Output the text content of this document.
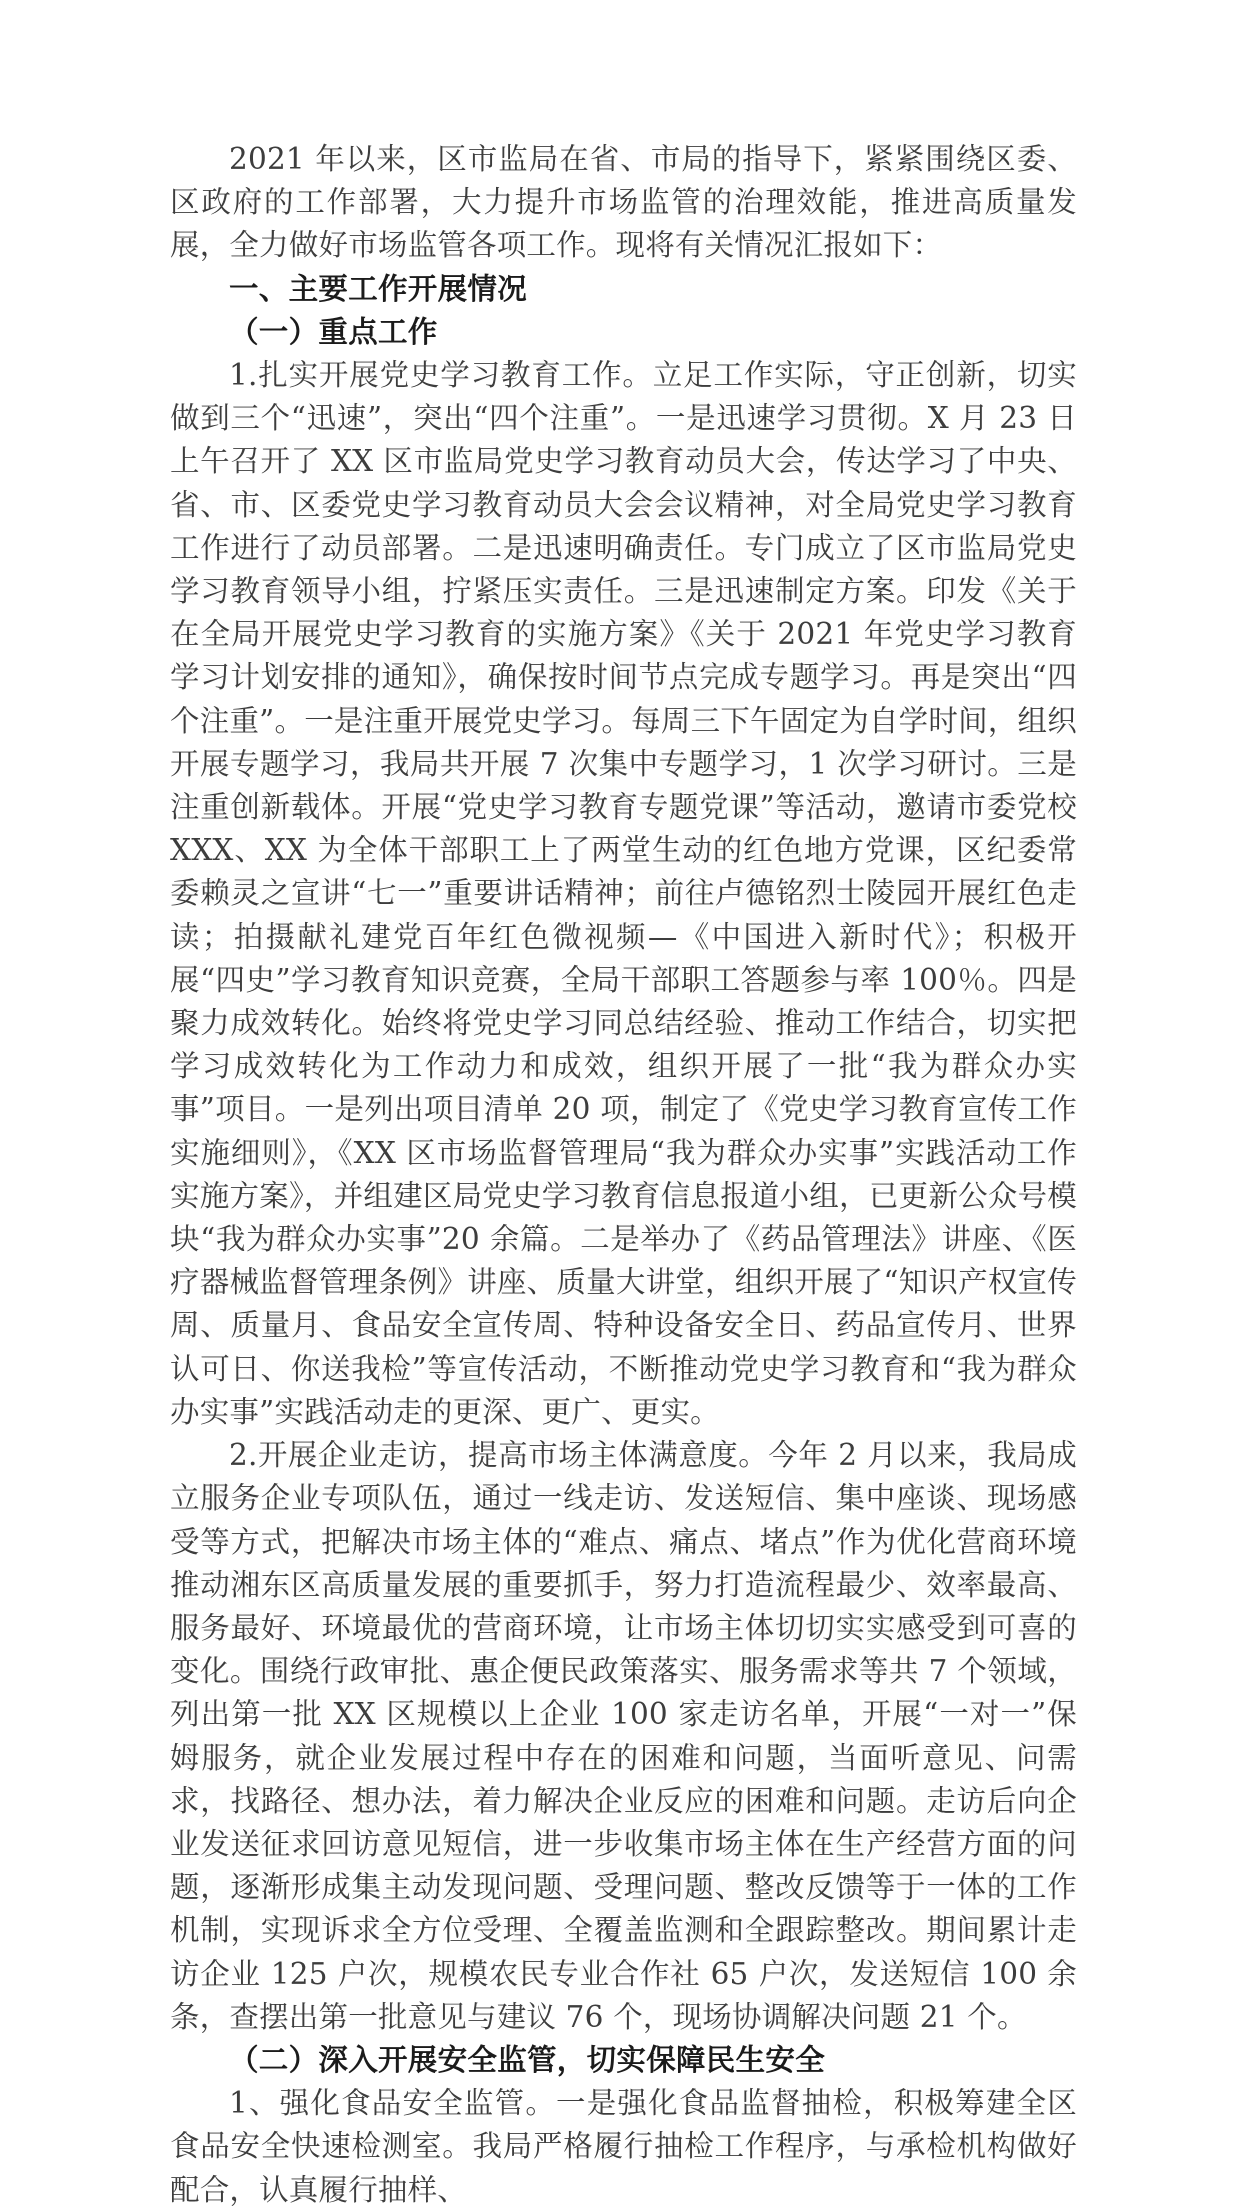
2021 年以来，区市监局在省、市局的指导下，紧紧围绕区委、区政府的工作部署，大力提升市场监管的治理效能，推进高质量发展，全力做好市场监管各项工作。现将有关情况汇报如下：

一、主要工作开展情况

（一）重点工作

1.扎实开展党史学习教育工作。立足工作实际，守正创新，切实做到三个“迅速”，突出“四个注重”。一是迅速学习贯彻。X 月 23 日上午召开了 XX 区市监局党史学习教育动员大会，传达学习了中央、省、市、区委党史学习教育动员大会会议精神，对全局党史学习教育工作进行了动员部署。二是迅速明确责任。专门成立了区市监局党史学习教育领导小组，拧紧压实责任。三是迅速制定方案。印发《关于在全局开展党史学习教育的实施方案》《关于 2021 年党史学习教育学习计划安排的通知》，确保按时间节点完成专题学习。再是突出“四个注重”。一是注重开展党史学习。每周三下午固定为自学时间，组织开展专题学习，我局共开展 7 次集中专题学习，1 次学习研讨。三是注重创新载体。开展“党史学习教育专题党课”等活动，邀请市委党校 XXX、XX 为全体干部职工上了两堂生动的红色地方党课，区纪委常委赖灵之宣讲“七一”重要讲话精神；前往卢德铭烈士陵园开展红色走读；拍摄献礼建党百年红色微视频—《中国进入新时代》；积极开展“四史”学习教育知识竞赛，全局干部职工答题参与率 100％。四是聚力成效转化。始终将党史学习同总结经验、推动工作结合，切实把学习成效转化为工作动力和成效，组织开展了一批“我为群众办实事”项目。一是列出项目清单 20 项，制定了《党史学习教育宣传工作实施细则》，《XX 区市场监督管理局“我为群众办实事”实践活动工作实施方案》，并组建区局党史学习教育信息报道小组，已更新公众号模块“我为群众办实事”20 余篇。二是举办了《药品管理法》讲座、《医疗器械监督管理条例》讲座、质量大讲堂，组织开展了“知识产权宣传周、质量月、食品安全宣传周、特种设备安全日、药品宣传月、世界认可日、你送我检”等宣传活动，不断推动党史学习教育和“我为群众办实事”实践活动走的更深、更广、更实。

2.开展企业走访，提高市场主体满意度。今年 2 月以来，我局成立服务企业专项队伍，通过一线走访、发送短信、集中座谈、现场感受等方式，把解决市场主体的“难点、痛点、堵点”作为优化营商环境推动湘东区高质量发展的重要抓手，努力打造流程最少、效率最高、服务最好、环境最优的营商环境，让市场主体切切实实感受到可喜的变化。围绕行政审批、惠企便民政策落实、服务需求等共 7 个领域，列出第一批 XX 区规模以上企业 100 家走访名单，开展“一对一”保姆服务，就企业发展过程中存在的困难和问题，当面听意见、问需求，找路径、想办法，着力解决企业反应的困难和问题。走访后向企业发送征求回访意见短信，进一步收集市场主体在生产经营方面的问题，逐渐形成集主动发现问题、受理问题、整改反馈等于一体的工作机制，实现诉求全方位受理、全覆盖监测和全跟踪整改。期间累计走访企业 125 户次，规模农民专业合作社 65 户次，发送短信 100 余条，查摆出第一批意见与建议 76 个，现场协调解决问题 21 个。

（二）深入开展安全监管，切实保障民生安全

1、强化食品安全监管。一是强化食品监督抽检，积极筹建全区食品安全快速检测室。我局严格履行抽检工作程序，与承检机构做好配合，认真履行抽样、
